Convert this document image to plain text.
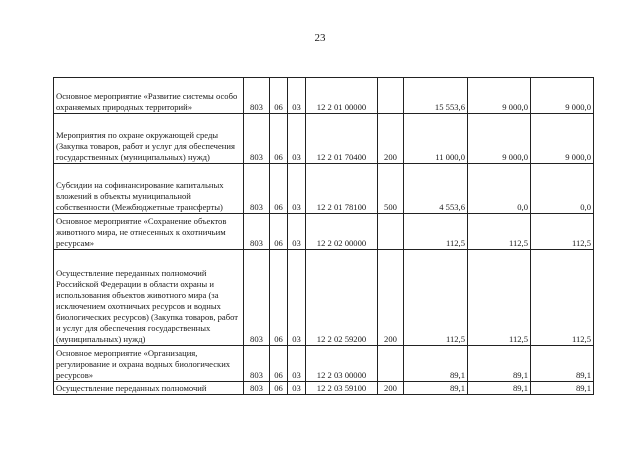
23
Основное мероприятие «Развитие системы особо охраняемых природных территорий»	803	06	03	12 2 01 00000		15 553,6	9 000,0	9 000,0
Мероприятия по охране окружающей среды (Закупка товаров, работ и услуг для обеспечения государственных (муниципальных) нужд)	803	06	03	12 2 01 70400	200	11 000,0	9 000,0	9 000,0
Субсидии на софинансирование капитальных вложений в объекты муниципальной собственности (Межбюджетные трансферты)	803	06	03	12 2 01 78100	500	4 553,6	0,0	0,0
Основное мероприятие «Сохранение объектов животного мира, не отнесенных к охотничьим ресурсам»	803	06	03	12 2 02 00000		112,5	112,5	112,5
Осуществление переданных полномочий Российской Федерации в области охраны и использования объектов животного мира (за исключением охотничьих ресурсов и водных биологических ресурсов) (Закупка товаров, работ и услуг для обеспечения государственных (муниципальных) нужд)	803	06	03	12 2 02 59200	200	112,5	112,5	112,5
Основное мероприятие «Организация, регулирование и охрана водных биологических ресурсов»	803	06	03	12 2 03 00000		89,1	89,1	89,1
Осуществление переданных полномочий	803	06	03	12 2 03 59100	200	89,1	89,1	89,1
